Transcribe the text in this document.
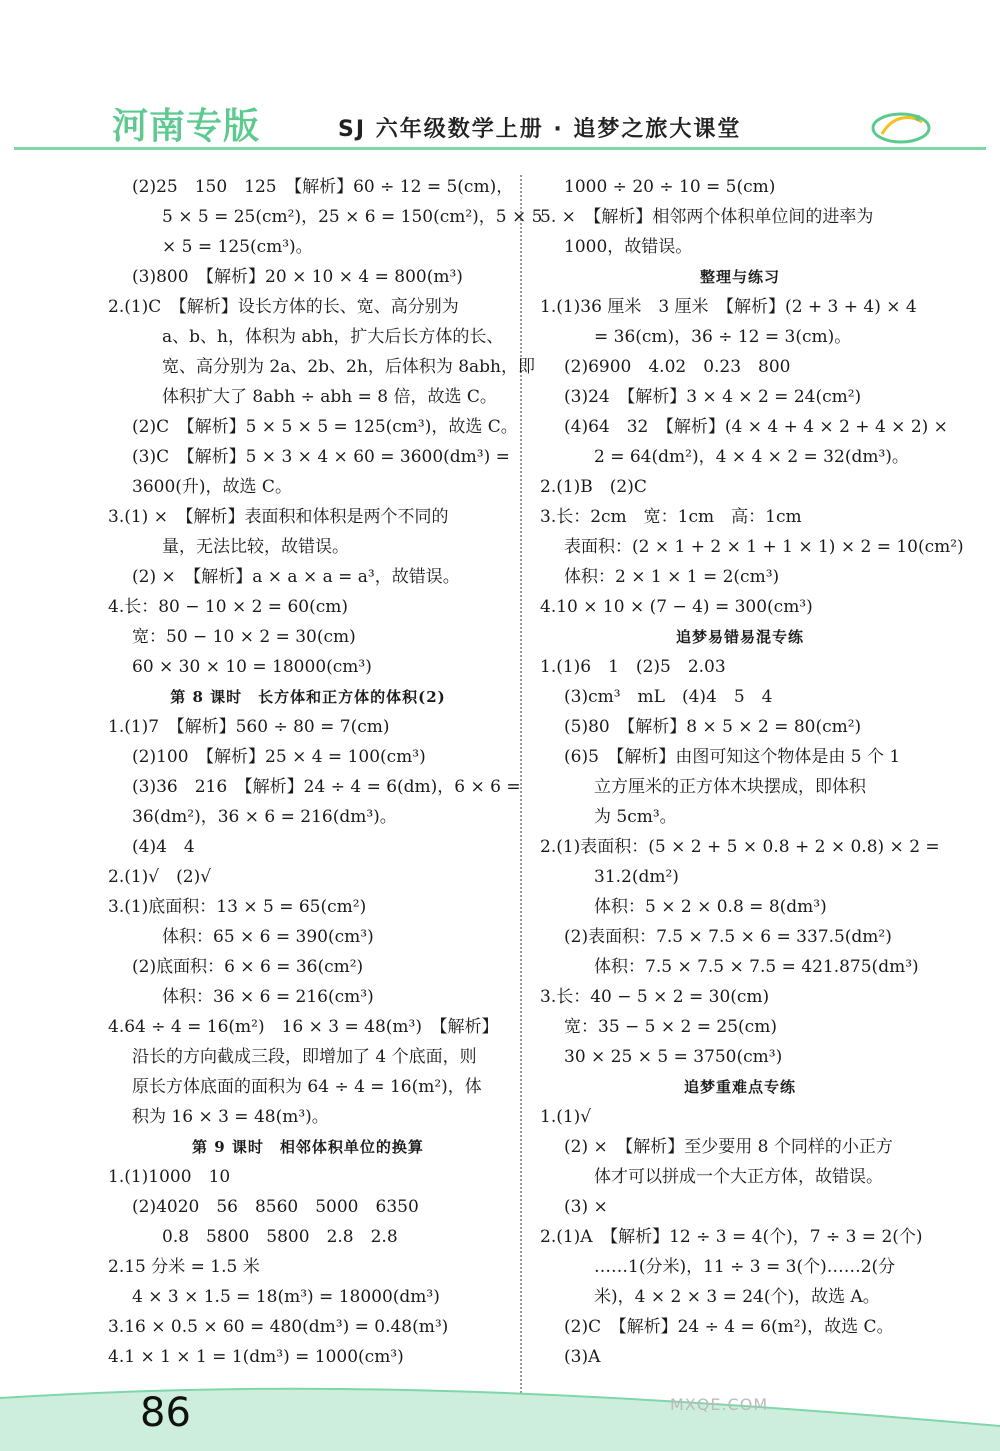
河南专版	SJ 六年级数学上册 · 追梦之旅大课堂
(2)25　150　125　【解析】60 ÷ 12 = 5(cm)，
5 × 5 = 25(cm²)，25 × 6 = 150(cm²)，5 × 5
× 5 = 125(cm³)。
(3)800　【解析】20 × 10 × 4 = 800(m³)
2.(1)C　【解析】设长方体的长、宽、高分别为
a、b、h，体积为 abh，扩大后长方体的长、
宽、高分别为 2a、2b、2h，后体积为 8abh，即
体积扩大了 8abh ÷ abh = 8 倍，故选 C。
(2)C　【解析】5 × 5 × 5 = 125(cm³)，故选 C。
(3)C　【解析】5 × 3 × 4 × 60 = 3600(dm³) =
3600(升)，故选 C。
3.(1) ×　【解析】表面积和体积是两个不同的
量，无法比较，故错误。
(2) ×　【解析】a × a × a = a³，故错误。
4.长：80 − 10 × 2 = 60(cm)
宽：50 − 10 × 2 = 30(cm)
60 × 30 × 10 = 18000(cm³)
第 8 课时　长方体和正方体的体积(2)
1.(1)7　【解析】560 ÷ 80 = 7(cm)
(2)100　【解析】25 × 4 = 100(cm³)
(3)36　216　【解析】24 ÷ 4 = 6(dm)，6 × 6 =
36(dm²)，36 × 6 = 216(dm³)。
(4)4　4
2.(1)√　(2)√
3.(1)底面积：13 × 5 = 65(cm²)
体积：65 × 6 = 390(cm³)
(2)底面积：6 × 6 = 36(cm²)
体积：36 × 6 = 216(cm³)
4.64 ÷ 4 = 16(m²)　16 × 3 = 48(m³)　【解析】
沿长的方向截成三段，即增加了 4 个底面，则
原长方体底面的面积为 64 ÷ 4 = 16(m²)，体
积为 16 × 3 = 48(m³)。
第 9 课时　相邻体积单位的换算
1.(1)1000　10
(2)4020　56　8560　5000　6350
0.8　5800　5800　2.8　2.8
2.15 分米 = 1.5 米
4 × 3 × 1.5 = 18(m³) = 18000(dm³)
3.16 × 0.5 × 60 = 480(dm³) = 0.48(m³)
4.1 × 1 × 1 = 1(dm³) = 1000(cm³)
1000 ÷ 20 ÷ 10 = 5(cm)
5. ×　【解析】相邻两个体积单位间的进率为
1000，故错误。
整理与练习
1.(1)36 厘米　3 厘米　【解析】(2 + 3 + 4) × 4
= 36(cm)，36 ÷ 12 = 3(cm)。
(2)6900　4.02　0.23　800
(3)24　【解析】3 × 4 × 2 = 24(cm²)
(4)64　32　【解析】(4 × 4 + 4 × 2 + 4 × 2) ×
2 = 64(dm²)，4 × 4 × 2 = 32(dm³)。
2.(1)B　(2)C
3.长：2cm　宽：1cm　高：1cm
表面积：(2 × 1 + 2 × 1 + 1 × 1) × 2 = 10(cm²)
体积：2 × 1 × 1 = 2(cm³)
4.10 × 10 × (7 − 4) = 300(cm³)
追梦易错易混专练
1.(1)6　1　(2)5　2.03
(3)cm³　mL　(4)4　5　4
(5)80　【解析】8 × 5 × 2 = 80(cm²)
(6)5　【解析】由图可知这个物体是由 5 个 1
立方厘米的正方体木块摆成，即体积
为 5cm³。
2.(1)表面积：(5 × 2 + 5 × 0.8 + 2 × 0.8) × 2 =
31.2(dm²)
体积：5 × 2 × 0.8 = 8(dm³)
(2)表面积：7.5 × 7.5 × 6 = 337.5(dm²)
体积：7.5 × 7.5 × 7.5 = 421.875(dm³)
3.长：40 − 5 × 2 = 30(cm)
宽：35 − 5 × 2 = 25(cm)
30 × 25 × 5 = 3750(cm³)
追梦重难点专练
1.(1)√
(2) ×　【解析】至少要用 8 个同样的小正方
体才可以拼成一个大正方体，故错误。
(3) ×
2.(1)A　【解析】12 ÷ 3 = 4(个)，7 ÷ 3 = 2(个)
……1(分米)，11 ÷ 3 = 3(个)……2(分
米)，4 × 2 × 3 = 24(个)，故选 A。
(2)C　【解析】24 ÷ 4 = 6(m²)，故选 C。
(3)A
86	MXQE.COM
